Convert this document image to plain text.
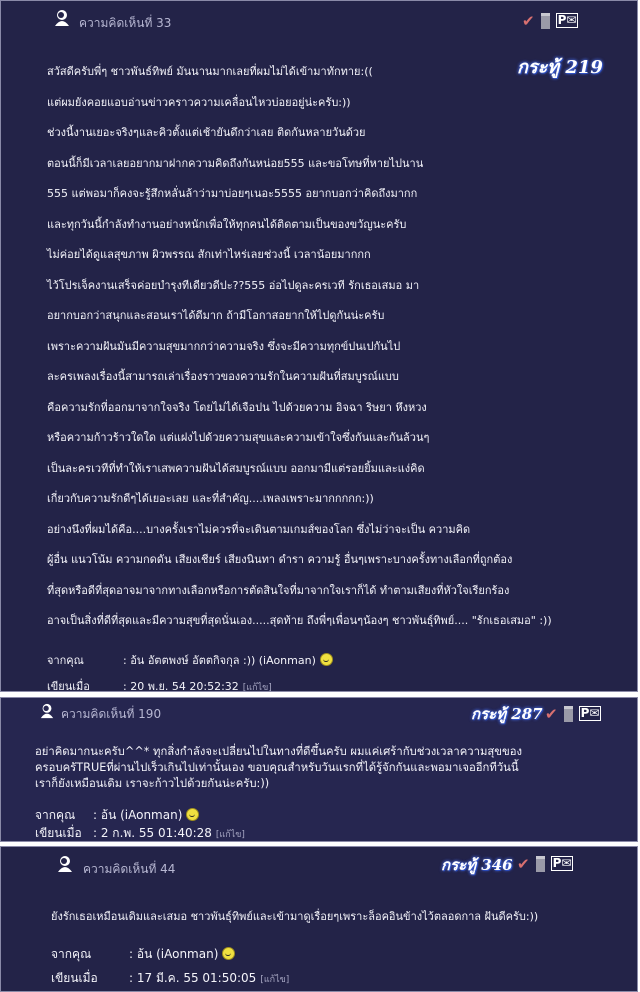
ความคิดเห็นที่ 33	✔ P✉
กระทู้ 219
สวัสดีครับพี่ๆ ชาวพันธ์ทิพย์ มันนานมากเลยที่ผมไม่ได้เข้ามาทักทาย:((
แต่ผมยังคอยแอบอ่านข่าวคราวความเคลื่อนไหวบ่อยอยู่น่ะครับ:))
ช่วงนี้งานเยอะจริงๆและคิวตั้งแต่เช้ายันดึกว่าเลย ติดกันหลายวันด้วย
ตอนนี้ก็มีเวลาเลยอยากมาฝากความคิดถึงกันหน่อย555 และขอโทษที่หายไปนาน
555 แต่พอมาก็คงจะรู้สึกหลั่นล้าว่ามาบ่อยๆเนอะ5555 อยากบอกว่าคิดถึงมากก
และทุกวันนี้กำลังทำงานอย่างหนักเพื่อให้ทุกคนได้ติดตามเป็นของขวัญนะครับ
ไม่ค่อยได้ดูแลสุขภาพ ผิวพรรณ สักเท่าไหร่เลยช่วงนี้ เวลาน้อยมากกก
ไว้โปรเจ็คงานเสร็จค่อยบำรุงทีเดียวดีปะ??555 อ่อไปดูละครเวที รักเธอเสมอ มา
อยากบอกว่าสนุกและสอนเราได้ดีมาก ถ้ามีโอกาสอยากให้ไปดูกันน่ะครับ
เพราะความฝันมันมีความสุขมากกว่าความจริง ซึ่งจะมีความทุกข์ปนเปกันไป
ละครเพลงเรื่องนี้สามารถเล่าเรื่องราวของความรักในความฝันที่สมบูรณ์แบบ
คือความรักที่ออกมาจากใจจริง โดยไม่ได้เจือปน ไปด้วยความ อิจฉา ริษยา หึงหวง
หรือความก้าวร้าวใดใด แต่แฝงไปด้วยความสุขและความเข้าใจซึ่งกันและกันล้วนๆ
เป็นละครเวทีที่ทำให้เราเสพความฝันได้สมบูรณ์แบบ ออกมามีแต่รอยยิ้มและแง่คิด
เกี่ยวกับความรักดีๆได้เยอะเลย และที่สำคัญ....เพลงเพราะมากกกกก:))
อย่างนึงที่ผมได้คือ....บางครั้งเราไม่ควรที่จะเดินตามเกมส์ของโลก ซึ่งไม่ว่าจะเป็น ความคิด
ผู้อื่น แนวโน้ม ความกดดัน เสียงเชียร์ เสียงนินทา ดำรา ความรู้ อื่นๆเพราะบางครั้งทางเลือกที่ถูกต้อง
ที่สุดหรือดีที่สุดอาจมาจากทางเลือกหรือการตัดสินใจที่มาจากใจเราก็ได้ ทำตามเสียงที่หัวใจเรียกร้อง
อาจเป็นสิ่งที่ดีที่สุดและมีความสุขที่สุดนั่นเอง.....สุดท้าย ถึงพี่ๆเพื่อนๆน้องๆ ชาวพันธุ์ทิพย์.... "รักเธอเสมอ" :))
จากคุณ	: อ้น อัตตพงษ์ อัตตกิจกุล :)) (iAonman)
เขียนเมื่อ	: 20 พ.ย. 54 20:52:32 [แก้ไข]
ความคิดเห็นที่ 190	กระทู้ 287 ✔ P✉
อย่าคิดมากนะครับ^^* ทุกสิ่งกำลังจะเปลี่ยนไปในทางที่ดีขึ้นครับ ผมแค่เศร้ากับช่วงเวลาความสุขของ
ครอบครัTRUEที่ผ่านไปเร็วเกินไปเท่านั้นเอง ขอบคุณสำหรับวันแรกที่ได้รู้จักกันและพอมาเจออีกทีวันนี้
เราก็ยังเหมือนเดิม เราจะก้าวไปด้วยกันน่ะครับ:))
จากคุณ : อ้น (iAonman)
เขียนเมื่อ : 2 ก.พ. 55 01:40:28 [แก้ไข]
ความคิดเห็นที่ 44	กระทู้ 346 ✔ P✉
ยังรักเธอเหมือนเดิมและเสมอ ชาวพันธุ์ทิพย์และเข้ามาดูเรื่อยๆเพราะล็อคอินข้างไว้ตลอดกาล ฝันดีครับ:))
จากคุณ	: อ้น (iAonman)
เขียนเมื่อ	: 17 มี.ค. 55 01:50:05 [แก้ไข]
